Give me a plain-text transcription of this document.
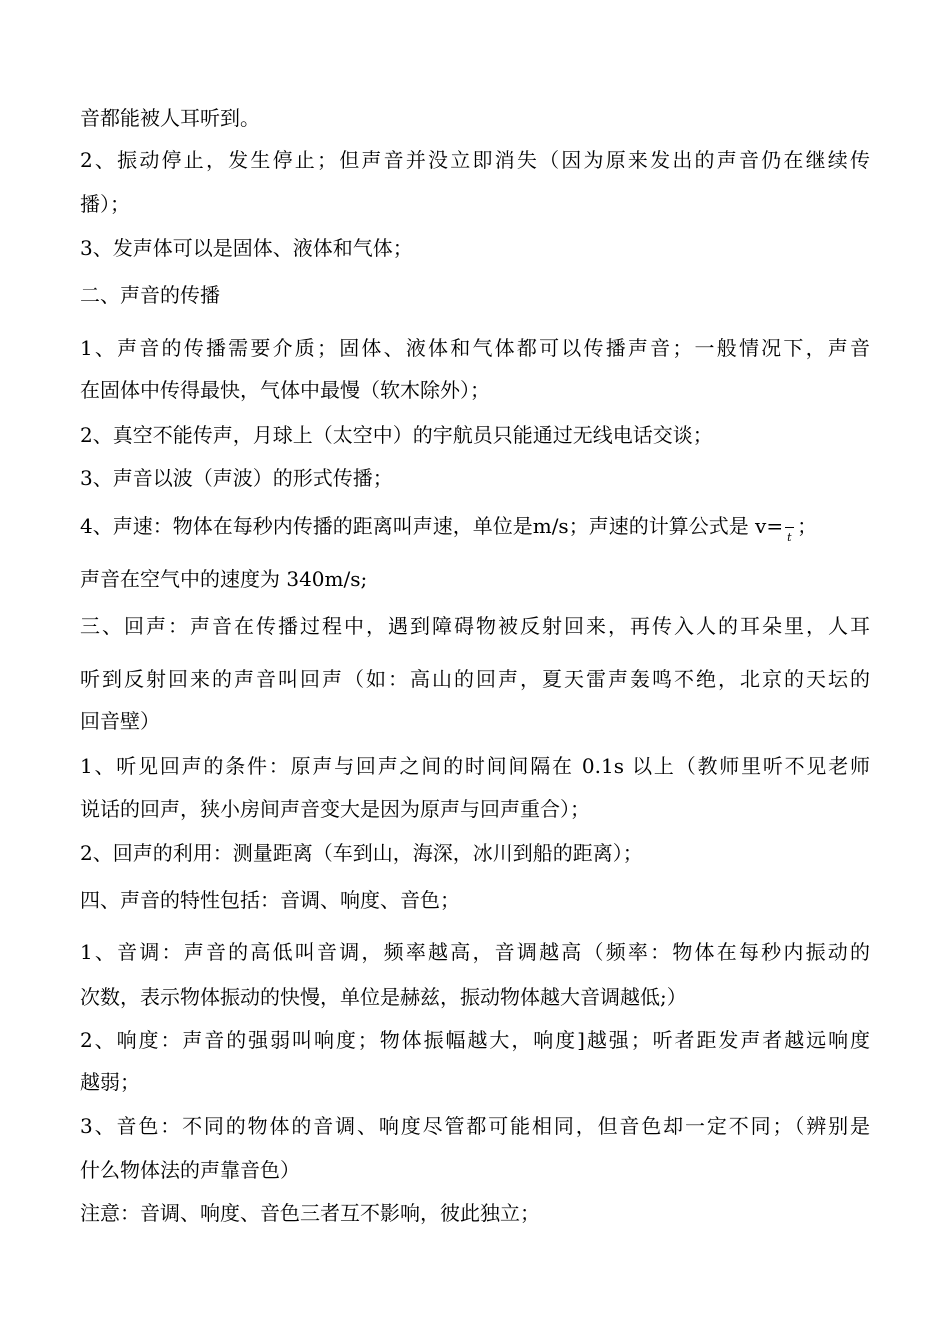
音都能被人耳听到。
2、振动停止，发生停止；但声音并没立即消失（因为原来发出的声音仍在继续传
播）；
3、发声体可以是固体、液体和气体；
二、声音的传播
1、声音的传播需要介质；固体、液体和气体都可以传播声音；一般情况下，声音
在固体中传得最快，气体中最慢（软木除外）；
2、真空不能传声，月球上（太空中）的宇航员只能通过无线电话交谈；
3、声音以波（声波）的形式传播；
4、声速：物体在每秒内传播的距离叫声速，单位是m/s；声速的计算公式是 v= t ；
声音在空气中的速度为 340m/s;
三、回声：声音在传播过程中，遇到障碍物被反射回来，再传入人的耳朵里，人耳
听到反射回来的声音叫回声（如：高山的回声，夏天雷声轰鸣不绝，北京的天坛的
回音壁）
1、听见回声的条件：原声与回声之间的时间间隔在 0.1s 以上（教师里听不见老师
说话的回声，狭小房间声音变大是因为原声与回声重合）；
2、回声的利用：测量距离（车到山，海深，冰川到船的距离）；
四、声音的特性包括：音调、响度、音色；
1、音调：声音的高低叫音调，频率越高，音调越高（频率：物体在每秒内振动的
次数，表示物体振动的快慢，单位是赫兹，振动物体越大音调越低;）
2、响度：声音的强弱叫响度；物体振幅越大，响度]越强；听者距发声者越远响度
越弱；
3、音色：不同的物体的音调、响度尽管都可能相同，但音色却一定不同；（辨别是
什么物体法的声靠音色）
注意：音调、响度、音色三者互不影响，彼此独立；
